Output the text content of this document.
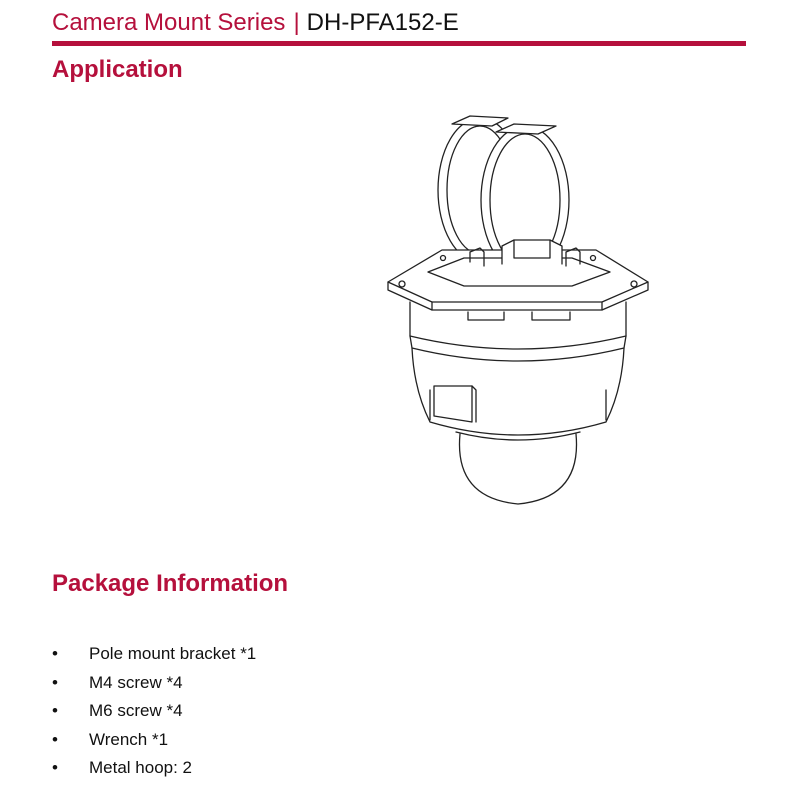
Camera Mount Series | DH-PFA152-E
Application
Package Information
• Pole mount bracket *1
• M4 screw *4
• M6 screw *4
• Wrench *1
• Metal hoop: 2
